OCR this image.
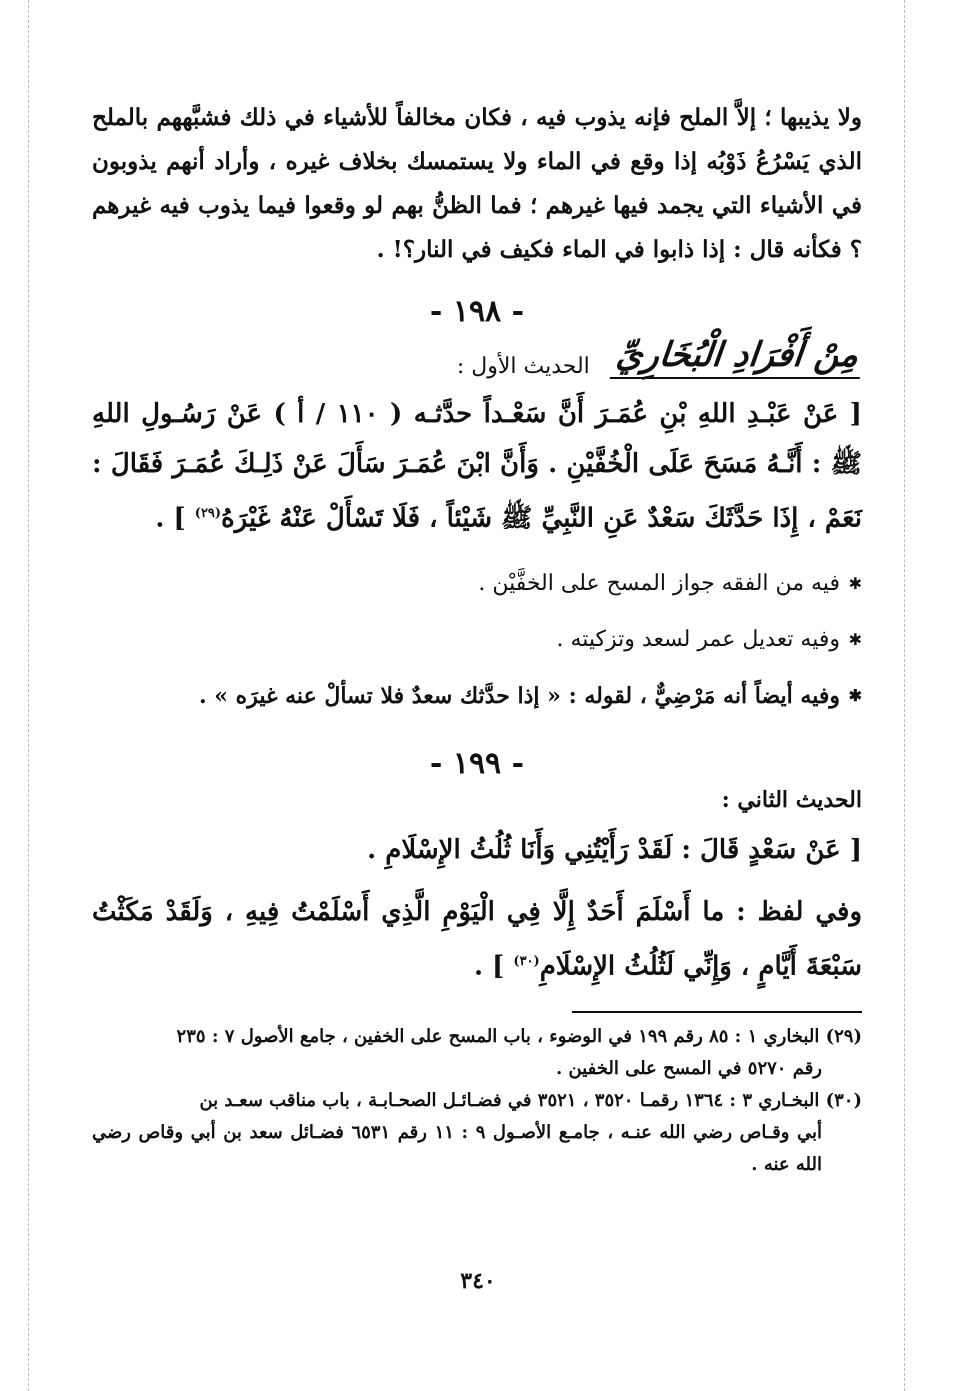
ولا يذيبها ؛ إلاَّ الملح فإنه يذوب فيه ، فكان مخالفاً للأشياء في ذلك فشبَّههم بالملح الذي يَسْرُعُ ذَوْبُه إذا وقع في الماء ولا يستمسك بخلاف غيره ، وأراد أنهم يذوبون في الأشياء التي يجمد فيها غيرهم ؛ فما الظنُّ بهم لو وقعوا فيما يذوب فيه غيرهم ؟ فكأنه قال : إذا ذابوا في الماء فكيف في النار؟! .

- ١٩٨ -
مِنْ أَفْرَادِ الْبُخَارِيِّ
الحديث الأول :

[ عَنْ عَبْـدِ اللهِ بْنِ عُمَـرَ أَنَّ سَعْـداً حدَّثـه ( ١١٠ / أ ) عَنْ رَسُـولِ اللهِ ﷺ : أَنَّـهُ مَسَحَ عَلَى الْخُفَّيْنِ . وَأَنَّ ابْنَ عُمَـرَ سَأَلَ عَنْ ذَلِـكَ عُمَـرَ فَقَالَ : نَعَمْ ، إِذَا حَدَّثَكَ سَعْدٌ عَنِ النَّبِيِّ ﷺ شَيْئاً ، فَلَا تَسْأَلْ عَنْهُ غَيْرَهُ$^{(٢٩)}$ ] .

✱ فيه من الفقه جواز المسح على الخفَّيْن .
✱ وفيه تعديل عمر لسعد وتزكيته .
✱ وفيه أيضاً أنه مَرْضِيٌّ ، لقوله : « إذا حدَّثك سعدٌ فلا تسألْ عنه غيرَه » .
- ١٩٩ -
الحديث الثاني :

[ عَنْ سَعْدٍ قَالَ : لَقَدْ رَأَيْتُنِي وَأَنَا ثُلُثُ الإِسْلَامِ .

وفي لفظ : ما أَسْلَمَ أَحَدٌ إِلَّا فِي الْيَوْمِ الَّذِي أَسْلَمْتُ فِيهِ ، وَلَقَدْ مَكَثْتُ سَبْعَةَ أَيَّامٍ ، وَإِنِّي لَثُلُثُ الإِسْلَامِ$^{(٣٠)}$ ] .

(٢٩) البخاري ١ : ٨٥ رقم ١٩٩ في الوضوء ، باب المسح على الخفين ، جامع الأصول ٧ : ٢٣٥
رقم ٥٢٧٠ في المسح على الخفين .

(٣٠) البخـاري ٣ : ١٣٦٤ رقمـا ٣٥٢٠ ، ٣٥٢١ في فضـائـل الصحـابـة ، باب مناقب سعـد بن
أبي وقـاص رضي الله عنـه ، جامـع الأصـول ٩ : ١١ رقم ٦٥٣١ فضـائل سعد بن أبي وقاص رضي الله عنه .

٣٤٠
